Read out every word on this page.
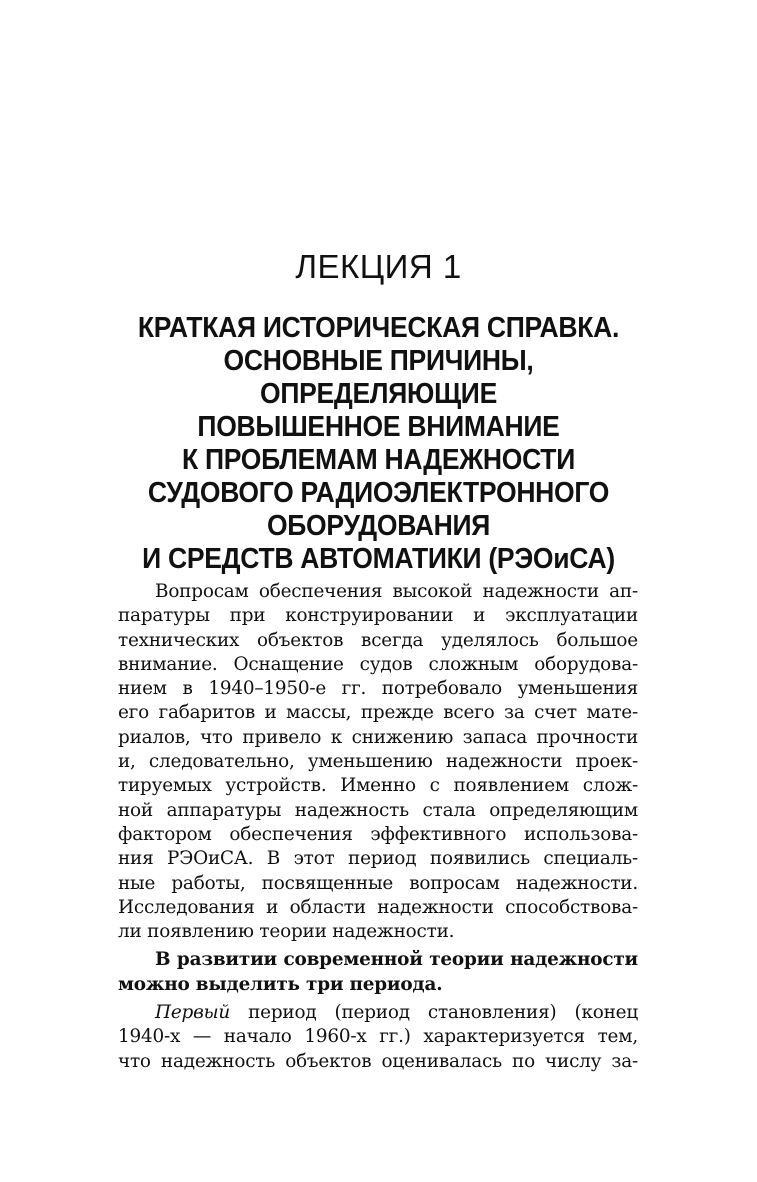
ЛЕКЦИЯ 1
КРАТКАЯ ИСТОРИЧЕСКАЯ СПРАВКА.
ОСНОВНЫЕ ПРИЧИНЫ,
ОПРЕДЕЛЯЮЩИЕ
ПОВЫШЕННОЕ ВНИМАНИЕ
К ПРОБЛЕМАМ НАДЕЖНОСТИ
СУДОВОГО РАДИОЭЛЕКТРОННОГО
ОБОРУДОВАНИЯ
И СРЕДСТВ АВТОМАТИКИ (РЭОиСА)
Вопросам обеспечения высокой надежности ап-
паратуры при конструировании и эксплуатации
технических объектов всегда уделялось большое
внимание. Оснащение судов сложным оборудова-
нием в 1940–1950-е гг. потребовало уменьшения
его габаритов и массы, прежде всего за счет мате-
риалов, что привело к снижению запаса прочности
и, следовательно, уменьшению надежности проек-
тируемых устройств. Именно с появлением слож-
ной аппаратуры надежность стала определяющим
фактором обеспечения эффективного использова-
ния РЭОиСА. В этот период появились специаль-
ные работы, посвященные вопросам надежности.
Исследования и области надежности способствова-
ли появлению теории надежности.
В развитии современной теории надежности
можно выделить три периода.
Первый период (период становления) (конец
1940-х — начало 1960-х гг.) характеризуется тем,
что надежность объектов оценивалась по числу за-
